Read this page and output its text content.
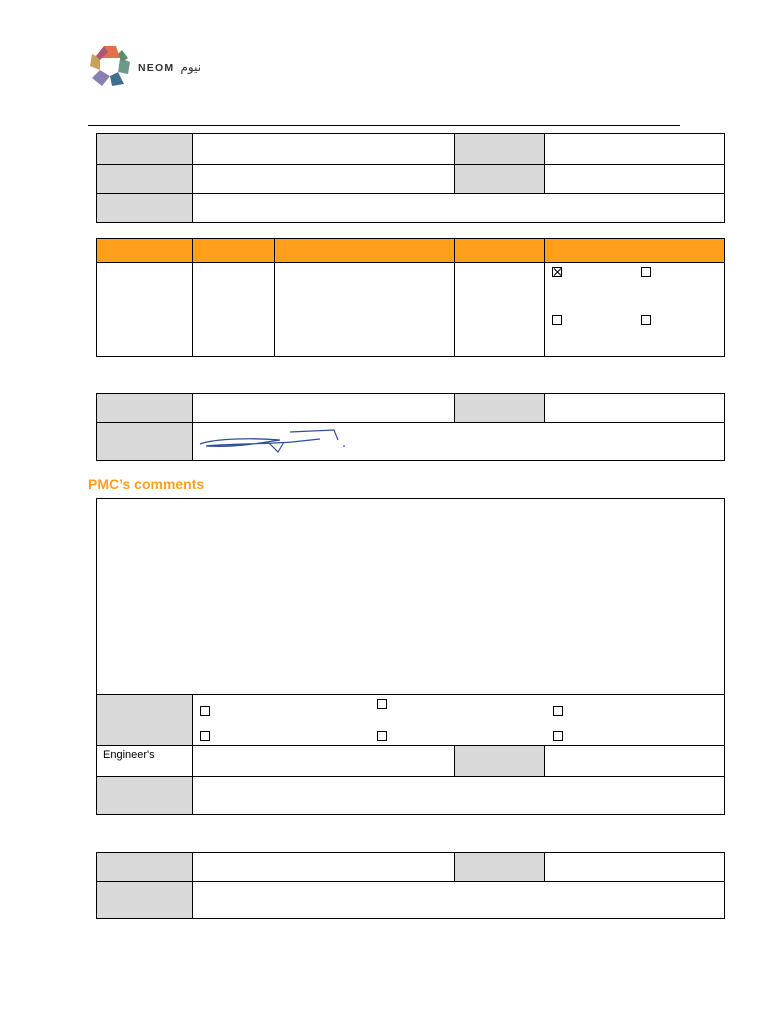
NEOM نيوم

PMC’s comments

Engineer's			
